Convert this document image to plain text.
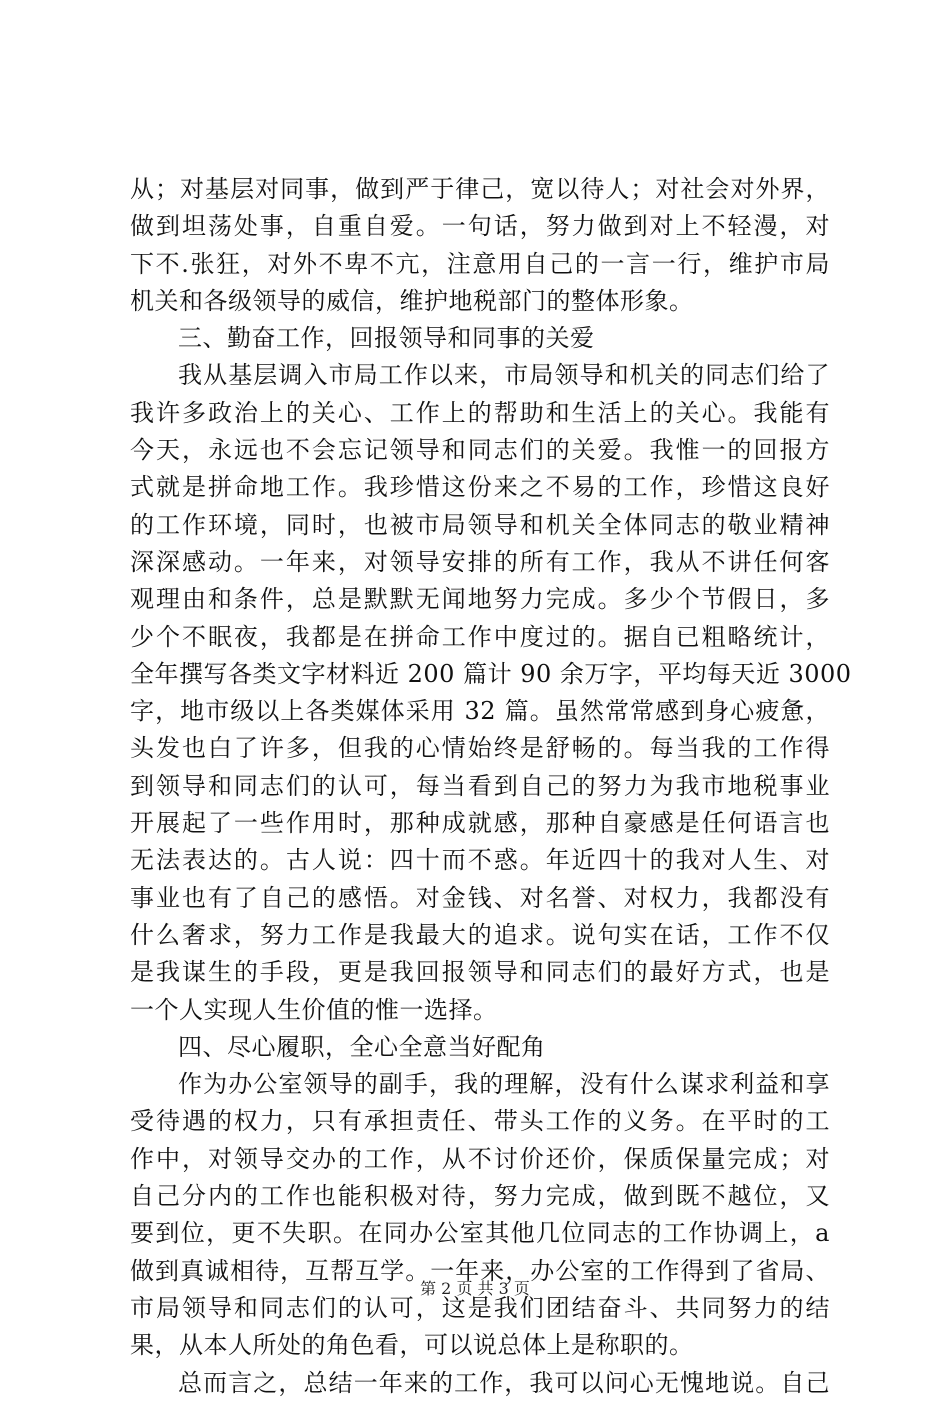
从；对基层对同事，做到严于律己，宽以待人；对社会对外界，
做到坦荡处事，自重自爱。一句话，努力做到对上不轻漫，对
下不.张狂，对外不卑不亢，注意用自己的一言一行，维护市局
机关和各级领导的威信，维护地税部门的整体形象。
三、勤奋工作，回报领导和同事的关爱
我从基层调入市局工作以来，市局领导和机关的同志们给了
我许多政治上的关心、工作上的帮助和生活上的关心。我能有
今天，永远也不会忘记领导和同志们的关爱。我惟一的回报方
式就是拼命地工作。我珍惜这份来之不易的工作，珍惜这良好
的工作环境，同时，也被市局领导和机关全体同志的敬业精神
深深感动。一年来，对领导安排的所有工作，我从不讲任何客
观理由和条件，总是默默无闻地努力完成。多少个节假日，多
少个不眠夜，我都是在拼命工作中度过的。据自已粗略统计，
全年撰写各类文字材料近 200 篇计 90 余万字，平均每天近 3000
字，地市级以上各类媒体采用 32 篇。虽然常常感到身心疲惫，
头发也白了许多，但我的心情始终是舒畅的。每当我的工作得
到领导和同志们的认可，每当看到自己的努力为我市地税事业
开展起了一些作用时，那种成就感，那种自豪感是任何语言也
无法表达的。古人说：四十而不惑。年近四十的我对人生、对
事业也有了自己的感悟。对金钱、对名誉、对权力，我都没有
什么奢求，努力工作是我最大的追求。说句实在话，工作不仅
是我谋生的手段，更是我回报领导和同志们的最好方式，也是
一个人实现人生价值的惟一选择。
四、尽心履职，全心全意当好配角
作为办公室领导的副手，我的理解，没有什么谋求利益和享
受待遇的权力，只有承担责任、带头工作的义务。在平时的工
作中，对领导交办的工作，从不讨价还价，保质保量完成；对
自己分内的工作也能积极对待，努力完成，做到既不越位，又
要到位，更不失职。在同办公室其他几位同志的工作协调上，a
做到真诚相待，互帮互学。一年来，办公室的工作得到了省局、
市局领导和同志们的认可，这是我们团结奋斗、共同努力的结
果，从本人所处的角色看，可以说总体上是称职的。
总而言之，总结一年来的工作，我可以问心无愧地说。自己
第 2 页 共 3 页
